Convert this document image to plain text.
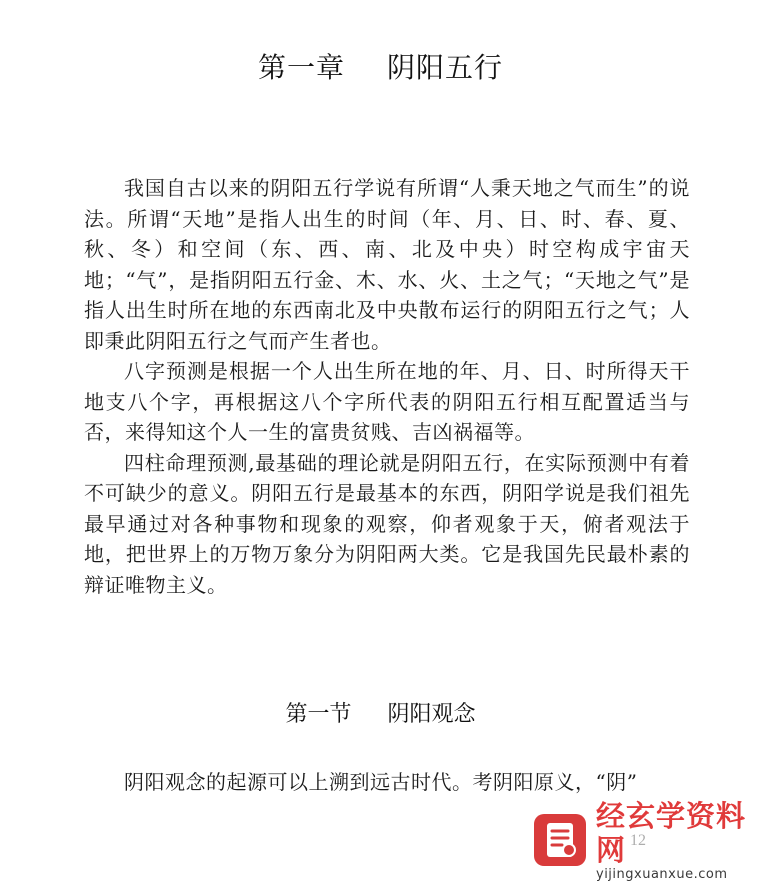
第一章 阴阳五行

我国自古以来的阴阳五行学说有所谓“人秉天地之气而生”的说法。所谓“天地”是指人出生的时间（年、月、日、时、春、夏、秋、冬）和空间（东、西、南、北及中央）时空构成宇宙天地；“气”，是指阴阳五行金、木、水、火、土之气；“天地之气”是指人出生时所在地的东西南北及中央散布运行的阴阳五行之气；人即秉此阴阳五行之气而产生者也。

八字预测是根据一个人出生所在地的年、月、日、时所得天干地支八个字，再根据这八个字所代表的阴阳五行相互配置适当与否，来得知这个人一生的富贵贫贱、吉凶祸福等。

四柱命理预测,最基础的理论就是阴阳五行，在实际预测中有着不可缺少的意义。阴阳五行是最基本的东西，阴阳学说是我们祖先最早通过对各种事物和现象的观察，仰者观象于天，俯者观法于地，把世界上的万物万象分为阴阳两大类。它是我国先民最朴素的辩证唯物主义。

第一节 阴阳观念

阴阳观念的起源可以上溯到远古时代。考阴阳原义，“阴”

经玄学资料网
yijingxuanxue.com
